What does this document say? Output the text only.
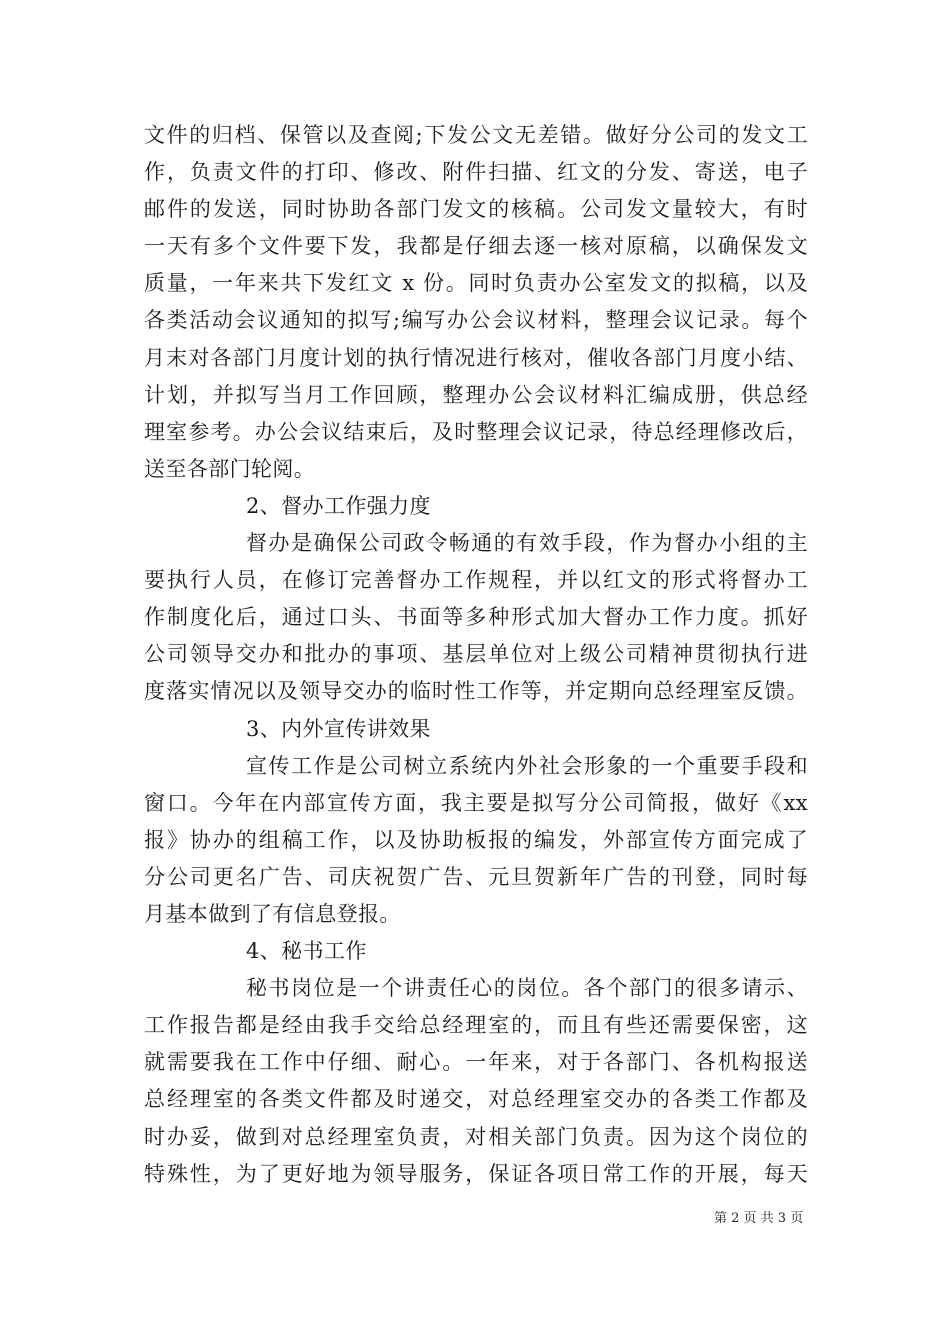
文件的归档、保管以及查阅;下发公文无差错。做好分公司的发文工
作，负责文件的打印、修改、附件扫描、红文的分发、寄送，电子
邮件的发送，同时协助各部门发文的核稿。公司发文量较大，有时
一天有多个文件要下发，我都是仔细去逐一核对原稿，以确保发文
质量，一年来共下发红文 x 份。同时负责办公室发文的拟稿，以及
各类活动会议通知的拟写;编写办公会议材料，整理会议记录。每个
月末对各部门月度计划的执行情况进行核对，催收各部门月度小结、
计划，并拟写当月工作回顾，整理办公会议材料汇编成册，供总经
理室参考。办公会议结束后，及时整理会议记录，待总经理修改后，
送至各部门轮阅。
2、督办工作强力度
督办是确保公司政令畅通的有效手段，作为督办小组的主
要执行人员，在修订完善督办工作规程，并以红文的形式将督办工
作制度化后，通过口头、书面等多种形式加大督办工作力度。抓好
公司领导交办和批办的事项、基层单位对上级公司精神贯彻执行进
度落实情况以及领导交办的临时性工作等，并定期向总经理室反馈。
3、内外宣传讲效果
宣传工作是公司树立系统内外社会形象的一个重要手段和
窗口。今年在内部宣传方面，我主要是拟写分公司简报，做好《xx
报》协办的组稿工作，以及协助板报的编发，外部宣传方面完成了
分公司更名广告、司庆祝贺广告、元旦贺新年广告的刊登，同时每
月基本做到了有信息登报。
4、秘书工作
秘书岗位是一个讲责任心的岗位。各个部门的很多请示、
工作报告都是经由我手交给总经理室的，而且有些还需要保密，这
就需要我在工作中仔细、耐心。一年来，对于各部门、各机构报送
总经理室的各类文件都及时递交，对总经理室交办的各类工作都及
时办妥，做到对总经理室负责，对相关部门负责。因为这个岗位的
特殊性，为了更好地为领导服务，保证各项日常工作的开展，每天
第 2 页 共 3 页
